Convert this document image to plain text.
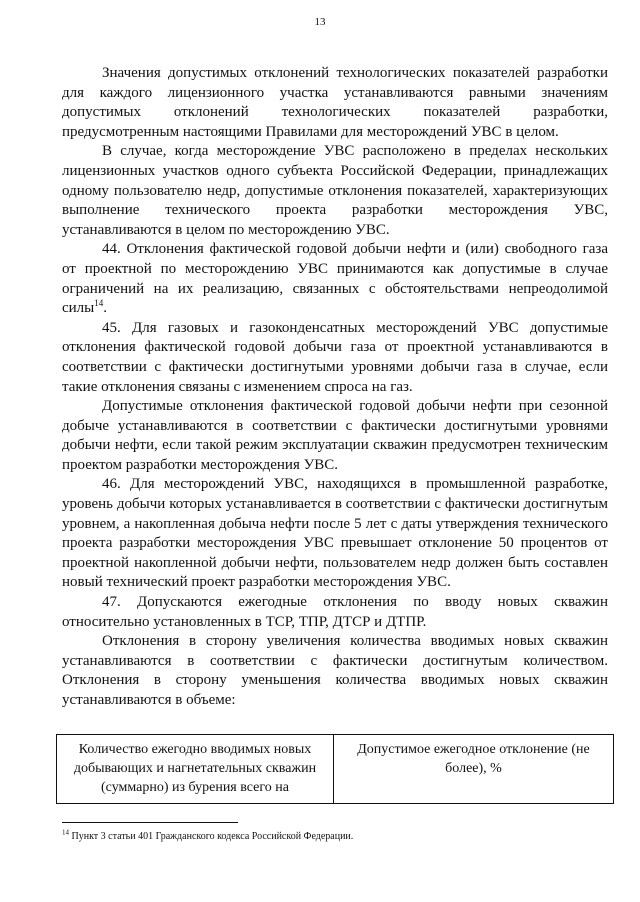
13

Значения допустимых отклонений технологических показателей разработки для каждого лицензионного участка устанавливаются равными значениям допустимых отклонений технологических показателей разработки, предусмотренным настоящими Правилами для месторождений УВС в целом.

В случае, когда месторождение УВС расположено в пределах нескольких лицензионных участков одного субъекта Российской Федерации, принадлежащих одному пользователю недр, допустимые отклонения показателей, характеризующих выполнение технического проекта разработки месторождения УВС, устанавливаются в целом по месторождению УВС.

44. Отклонения фактической годовой добычи нефти и (или) свободного газа от проектной по месторождению УВС принимаются как допустимые в случае ограничений на их реализацию, связанных с обстоятельствами непреодолимой силы$^{14}$.

45. Для газовых и газоконденсатных месторождений УВС допустимые отклонения фактической годовой добычи газа от проектной устанавливаются в соответствии с фактически достигнутыми уровнями добычи газа в случае, если такие отклонения связаны с изменением спроса на газ.

Допустимые отклонения фактической годовой добычи нефти при сезонной добыче устанавливаются в соответствии с фактически достигнутыми уровнями добычи нефти, если такой режим эксплуатации скважин предусмотрен техническим проектом разработки месторождения УВС.

46. Для месторождений УВС, находящихся в промышленной разработке, уровень добычи которых устанавливается в соответствии с фактически достигнутым уровнем, а накопленная добыча нефти после 5 лет с даты утверждения технического проекта разработки месторождения УВС превышает отклонение 50 процентов от проектной накопленной добычи нефти, пользователем недр должен быть составлен новый технический проект разработки месторождения УВС.

47. Допускаются ежегодные отклонения по вводу новых скважин относительно установленных в ТСР, ТПР, ДТСР и ДТПР.

Отклонения в сторону увеличения количества вводимых новых скважин устанавливаются в соответствии с фактически достигнутым количеством. Отклонения в сторону уменьшения количества вводимых новых скважин устанавливаются в объеме:

Количество ежегодно вводимых новых добывающих и нагнетательных скважин (суммарно) из бурения всего на	Допустимое ежегодное отклонение (не более), %
$^{14}$ Пункт 3 статьи 401 Гражданского кодекса Российской Федерации.
